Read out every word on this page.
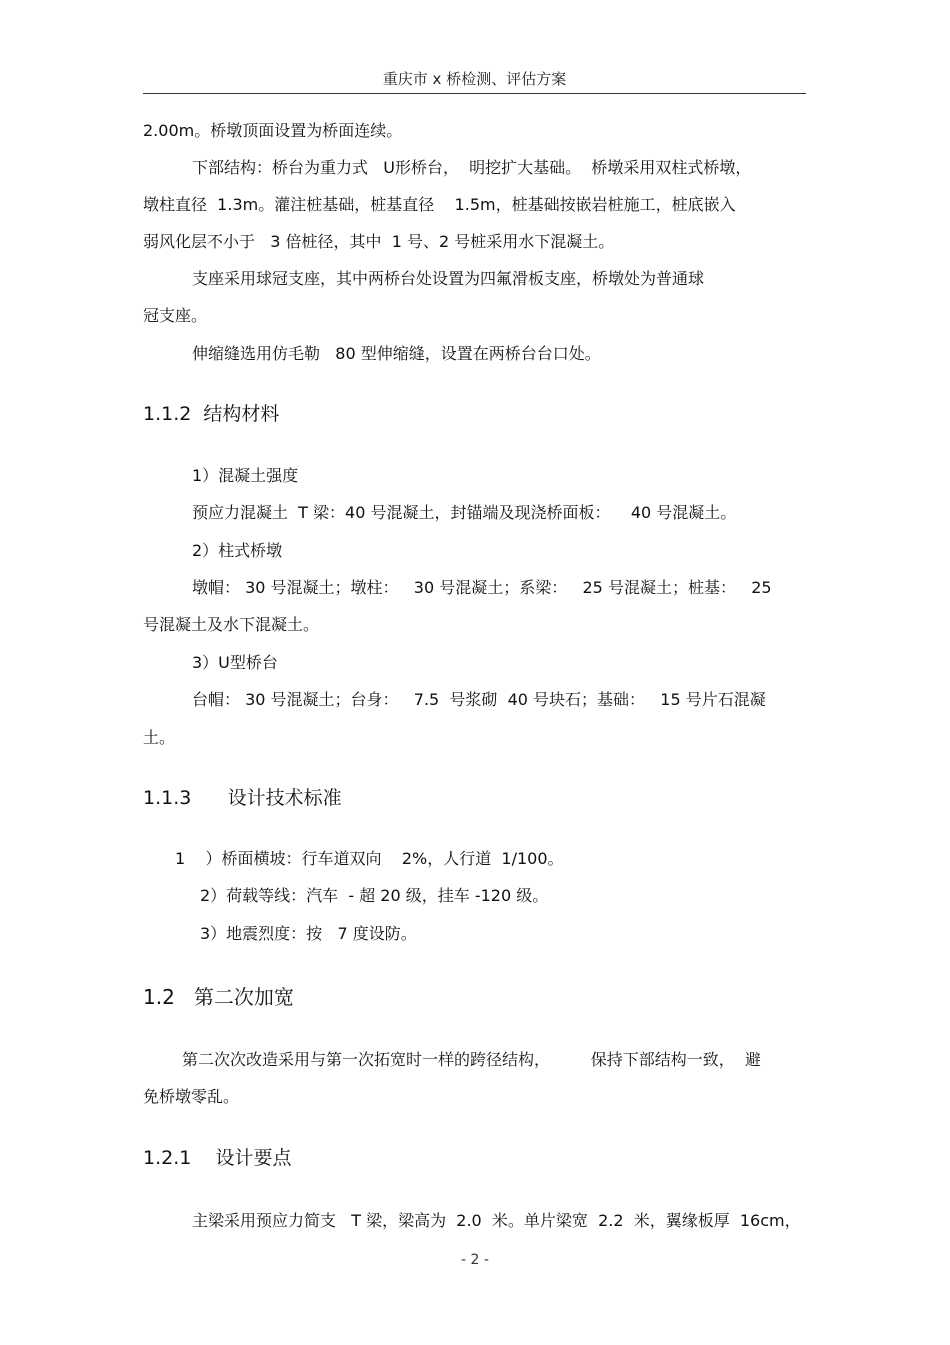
重庆市 x 桥检测、评估方案
2.00m。桥墩顶面设置为桥面连续。
下部结构：桥台为重力式   U形桥台，  明挖扩大基础。  桥墩采用双柱式桥墩，
墩柱直径  1.3m。灌注桩基础，桩基直径    1.5m，桩基础按嵌岩桩施工，桩底嵌入
弱风化层不小于   3 倍桩径，其中  1 号、2 号桩采用水下混凝土。
支座采用球冠支座，其中两桥台处设置为四氟滑板支座，桥墩处为普通球
冠支座。
伸缩缝选用仿毛勒   80 型伸缩缝，设置在两桥台台口处。
1.1.2  结构材料
1）混凝土强度
预应力混凝土  T 梁：40 号混凝土，封锚端及现浇桥面板：    40 号混凝土。
2）柱式桥墩
墩帽： 30 号混凝土；墩柱：   30 号混凝土；系梁：   25 号混凝土；桩基：   25
号混凝土及水下混凝土。
3）U型桥台
台帽： 30 号混凝土；台身：   7.5  号浆砌  40 号块石；基础：   15 号片石混凝
土。
1.1.3      设计技术标准
1    ）桥面横坡：行车道双向    2%，人行道  1/100。
2）荷载等线：汽车  - 超 20 级，挂车 -120 级。
3）地震烈度：按   7 度设防。
1.2   第二次加宽
第二次次改造采用与第一次拓宽时一样的跨径结构，        保持下部结构一致，  避
免桥墩零乱。
1.2.1    设计要点
主梁采用预应力简支   T 梁，梁高为  2.0  米。单片梁宽  2.2  米，翼缘板厚  16cm，
- 2 -
